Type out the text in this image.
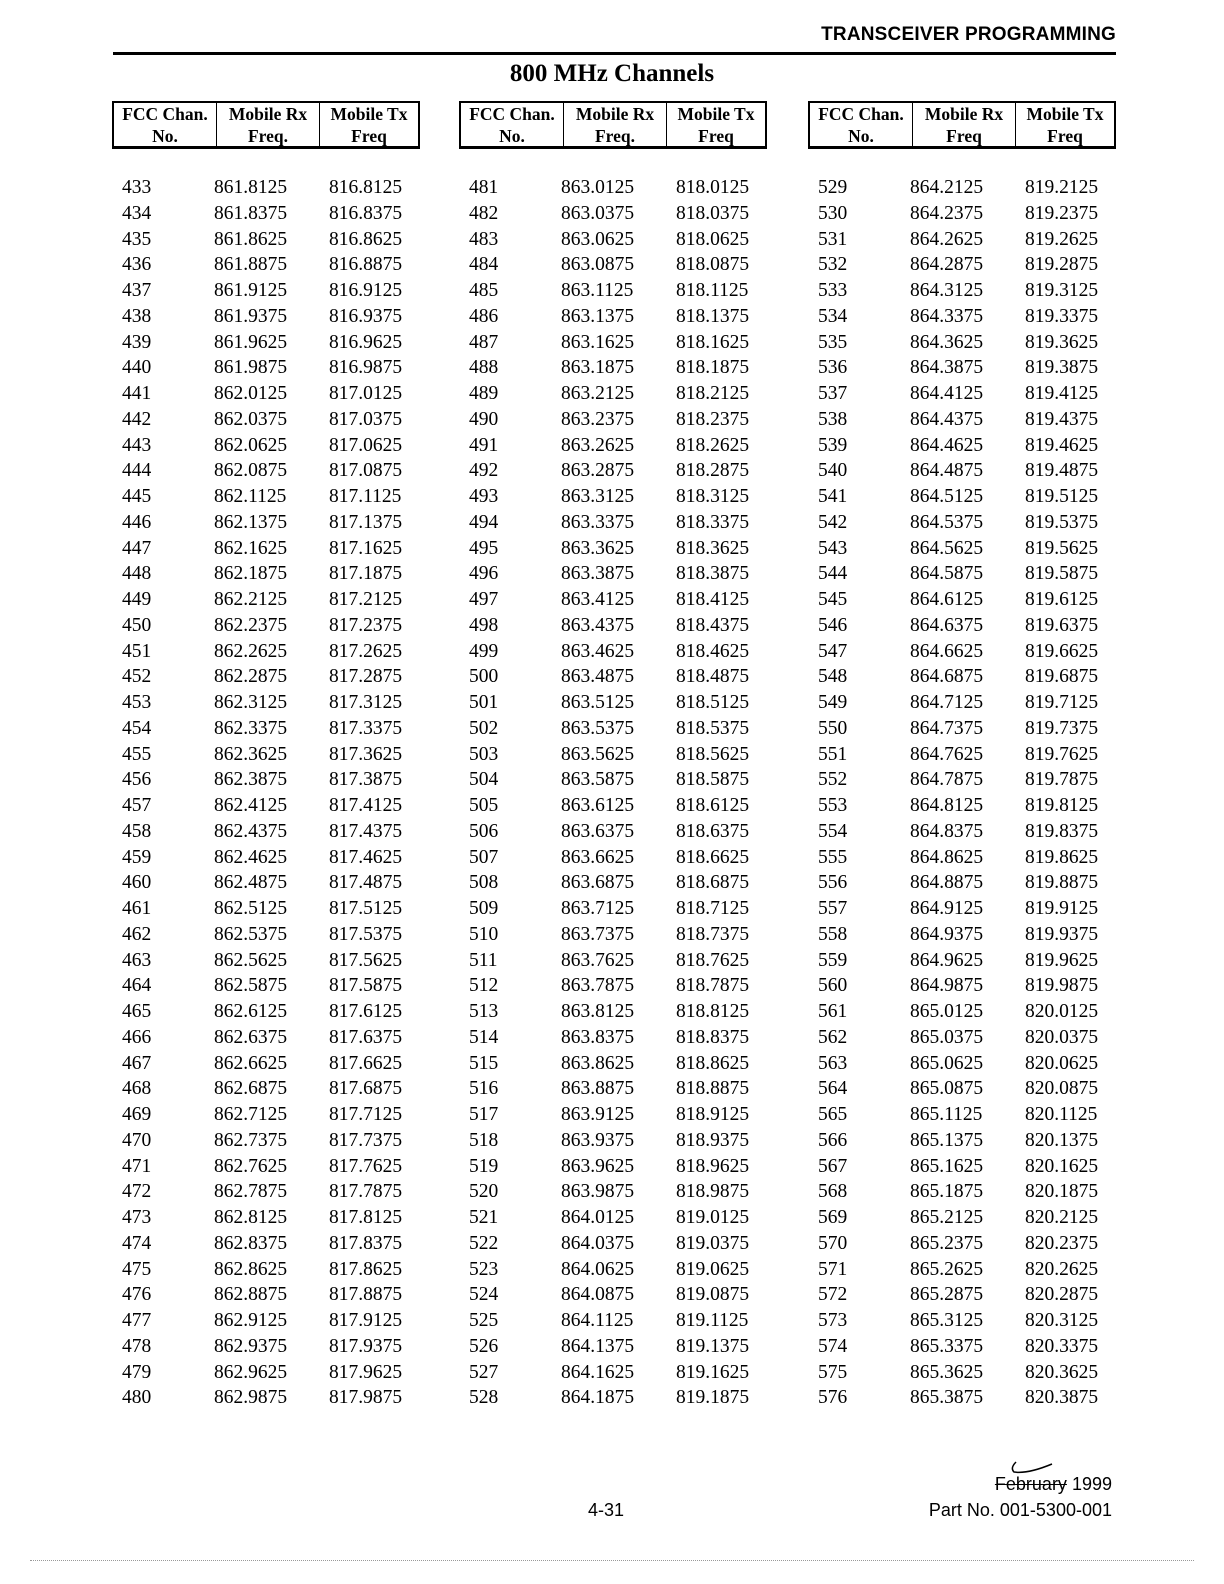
TRANSCEIVER PROGRAMMING
800 MHz Channels
FCC Chan.
No.
Mobile Rx
Freq.
Mobile Tx
Freq
433	861.8125	816.8125
434	861.8375	816.8375
435	861.8625	816.8625
436	861.8875	816.8875
437	861.9125	816.9125
438	861.9375	816.9375
439	861.9625	816.9625
440	861.9875	816.9875
441	862.0125	817.0125
442	862.0375	817.0375
443	862.0625	817.0625
444	862.0875	817.0875
445	862.1125	817.1125
446	862.1375	817.1375
447	862.1625	817.1625
448	862.1875	817.1875
449	862.2125	817.2125
450	862.2375	817.2375
451	862.2625	817.2625
452	862.2875	817.2875
453	862.3125	817.3125
454	862.3375	817.3375
455	862.3625	817.3625
456	862.3875	817.3875
457	862.4125	817.4125
458	862.4375	817.4375
459	862.4625	817.4625
460	862.4875	817.4875
461	862.5125	817.5125
462	862.5375	817.5375
463	862.5625	817.5625
464	862.5875	817.5875
465	862.6125	817.6125
466	862.6375	817.6375
467	862.6625	817.6625
468	862.6875	817.6875
469	862.7125	817.7125
470	862.7375	817.7375
471	862.7625	817.7625
472	862.7875	817.7875
473	862.8125	817.8125
474	862.8375	817.8375
475	862.8625	817.8625
476	862.8875	817.8875
477	862.9125	817.9125
478	862.9375	817.9375
479	862.9625	817.9625
480	862.9875	817.9875
FCC Chan.
No.
Mobile Rx
Freq.
Mobile Tx
Freq
481	863.0125	818.0125
482	863.0375	818.0375
483	863.0625	818.0625
484	863.0875	818.0875
485	863.1125	818.1125
486	863.1375	818.1375
487	863.1625	818.1625
488	863.1875	818.1875
489	863.2125	818.2125
490	863.2375	818.2375
491	863.2625	818.2625
492	863.2875	818.2875
493	863.3125	818.3125
494	863.3375	818.3375
495	863.3625	818.3625
496	863.3875	818.3875
497	863.4125	818.4125
498	863.4375	818.4375
499	863.4625	818.4625
500	863.4875	818.4875
501	863.5125	818.5125
502	863.5375	818.5375
503	863.5625	818.5625
504	863.5875	818.5875
505	863.6125	818.6125
506	863.6375	818.6375
507	863.6625	818.6625
508	863.6875	818.6875
509	863.7125	818.7125
510	863.7375	818.7375
511	863.7625	818.7625
512	863.7875	818.7875
513	863.8125	818.8125
514	863.8375	818.8375
515	863.8625	818.8625
516	863.8875	818.8875
517	863.9125	818.9125
518	863.9375	818.9375
519	863.9625	818.9625
520	863.9875	818.9875
521	864.0125	819.0125
522	864.0375	819.0375
523	864.0625	819.0625
524	864.0875	819.0875
525	864.1125	819.1125
526	864.1375	819.1375
527	864.1625	819.1625
528	864.1875	819.1875
FCC Chan.
No.
Mobile Rx
Freq
Mobile Tx
Freq
529	864.2125	819.2125
530	864.2375	819.2375
531	864.2625	819.2625
532	864.2875	819.2875
533	864.3125	819.3125
534	864.3375	819.3375
535	864.3625	819.3625
536	864.3875	819.3875
537	864.4125	819.4125
538	864.4375	819.4375
539	864.4625	819.4625
540	864.4875	819.4875
541	864.5125	819.5125
542	864.5375	819.5375
543	864.5625	819.5625
544	864.5875	819.5875
545	864.6125	819.6125
546	864.6375	819.6375
547	864.6625	819.6625
548	864.6875	819.6875
549	864.7125	819.7125
550	864.7375	819.7375
551	864.7625	819.7625
552	864.7875	819.7875
553	864.8125	819.8125
554	864.8375	819.8375
555	864.8625	819.8625
556	864.8875	819.8875
557	864.9125	819.9125
558	864.9375	819.9375
559	864.9625	819.9625
560	864.9875	819.9875
561	865.0125	820.0125
562	865.0375	820.0375
563	865.0625	820.0625
564	865.0875	820.0875
565	865.1125	820.1125
566	865.1375	820.1375
567	865.1625	820.1625
568	865.1875	820.1875
569	865.2125	820.2125
570	865.2375	820.2375
571	865.2625	820.2625
572	865.2875	820.2875
573	865.3125	820.3125
574	865.3375	820.3375
575	865.3625	820.3625
576	865.3875	820.3875
February 1999
4-31	Part No. 001-5300-001
